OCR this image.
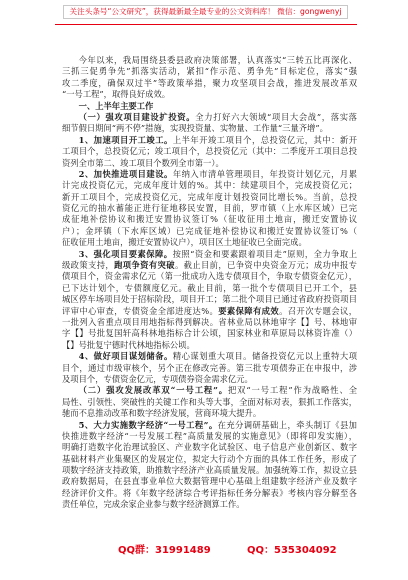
关注头条号“公文研究”，获得最新最全最专业的公文资料库！ 微信：gongwenyj
今年以来，我局围绕县委县政府决策部署，认真落实“三转五比再深化、
三抓三促勇争先”抓落实活动，紧扣“作示范、勇争先”目标定位，落实“强
攻二季度，确保双过半”等政策举措，聚力攻坚项目会战，推进发展改革双
“一号工程”，取得良好成效。
一、上半年主要工作
（一）强攻项目建设扩投资。全力打好六大领域“项目大会战”，落实落
细节假日期间“两不停”措施，实现投资量、实物量、工作量“三量齐增”。
1、加速项目开工竣工。上半年开竣工项目个，总投资亿元，其中：新开
工项目个，总投资亿元；竣工项目个，总投资亿元（其中：二季度开工项目总投
资列全市第二、竣工项目个数列全市第一）。
2、加快推进项目建设。年纳入市清单管理项目，年投资计划亿元，月累
计完成投资亿元，完成年度计划的%。其中：续建项目个，完成投资亿元；
新开工项目个，完成投资亿元，完成年度计划投资同比增长%。当前，总投
资亿元的抽水蓄能正进行征地移民安置，目前，罗市镇（上水库区域）已完
成征地补偿协议和搬迁安置协议签订%（征收征用土地亩，搬迁安置协议
户）；金坪镇（下水库区域）已完成征地补偿协议和搬迁安置协议签订%（
征收征用土地亩，搬迁安置协议户），项目区土地征收已全面完成。
3、强化项目要素保障。按照“资金和要素跟着项目走”原则，全力争取上
级政策支持，跑项争资有突破。截止目前，已争资中央资金万元；成功申报专
债项目个，资金需求亿元（第一批成功入选专债项目个，争取专债资金亿元），
已下达计划个，专债额度亿元。截止目前，第一批个专债项目已开工个，县
城区停车场项目处于招标阶段，项目开工；第二批个项目已通过省政府投资项目
评审中心审查，专债资金全部进度达%。要素保障有成效。召开次专题会议，
一批列入省重点项目用地指标得到解决。省林业局以林地审字【】号、林地审
字【】号批复国轩高科林地指标合计公顷，国家林业和草原局以林资许准（）
【】号批复宁德时代林地指标公顷。
4、做好项目谋划储备。精心谋划重大项目。储备投资亿元以上重特大项
目个，通过市级审核个，另个正在修改完善。第三批专项债券正在申报中，涉
及项目个，专债资金亿元，专项债券资金需求亿元。
（二）强攻发展改革双“一号工程”。把双“一号工程”作为战略性、全
局性、引领性、突破性的关键工作和头等大事，全面对标对表，狠抓工作落实，
驰而不息推动改革和数字经济发展，营商环境大提升。
5、大力实施数字经济“一号工程”。在充分调研基础上，牵头制订《县加
快推进数字经济“一号发展工程”高质量发展的实施意见》（即将印发实施），
明确打造数字化治理试验区、产业数字化试验区、电子信息产业创新区、数字
基础材料产业集聚区的发展定位，拟定大行动个方面的具体工作任务，形成了
项数字经济支持政策，助推数字经济产业高质量发展。加强统筹工作，拟设立县
政府数据局，在县直事业单位大数据管理中心基础上组建数字经济产业及数字
经济评价文件。将《年数字经济综合考评指标任务分解表》考核内容分解至各
责任单位，完成余家企业参与数字经济测算工作。
QQ群：31991489	QQ：535304092
